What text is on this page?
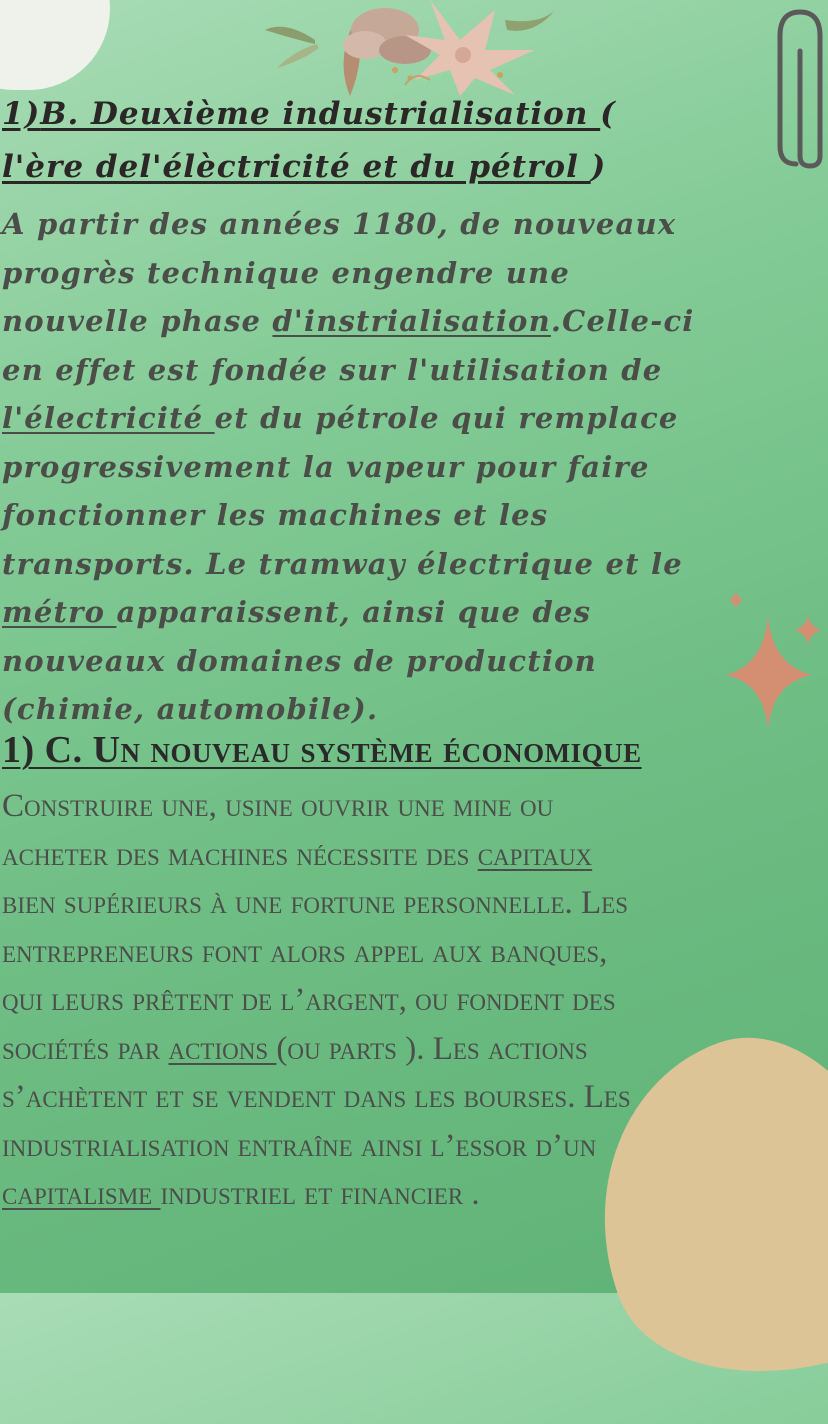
1)B. Deuxième industrialisation (
l'ère del'élèctricité et du pétrol )
A partir des années 1180, de nouveaux
progrès technique engendre une
nouvelle phase d'instrialisation.Celle-ci
en effet est fondée sur l'utilisation de
l'électricité et du pétrole qui remplace
progressivement la vapeur pour faire
fonctionner les machines et les
transports. Le tramway électrique et le
métro apparaissent, ainsi que des
nouveaux domaines de production
(chimie, automobile).
1) C. Un nouveau système économique
Construire une, usine ouvrir une mine ou
acheter des machines nécessite des capitaux
bien supérieurs à une fortune personnelle. Les
entrepreneurs font alors appel aux banques,
qui leurs prêtent de l’argent, ou fondent des
sociétés par actions (ou parts ). Les actions
s’achètent et se vendent dans les bourses. Les
industrialisation entraîne ainsi l’essor d’un
capitalisme industriel et financier .
